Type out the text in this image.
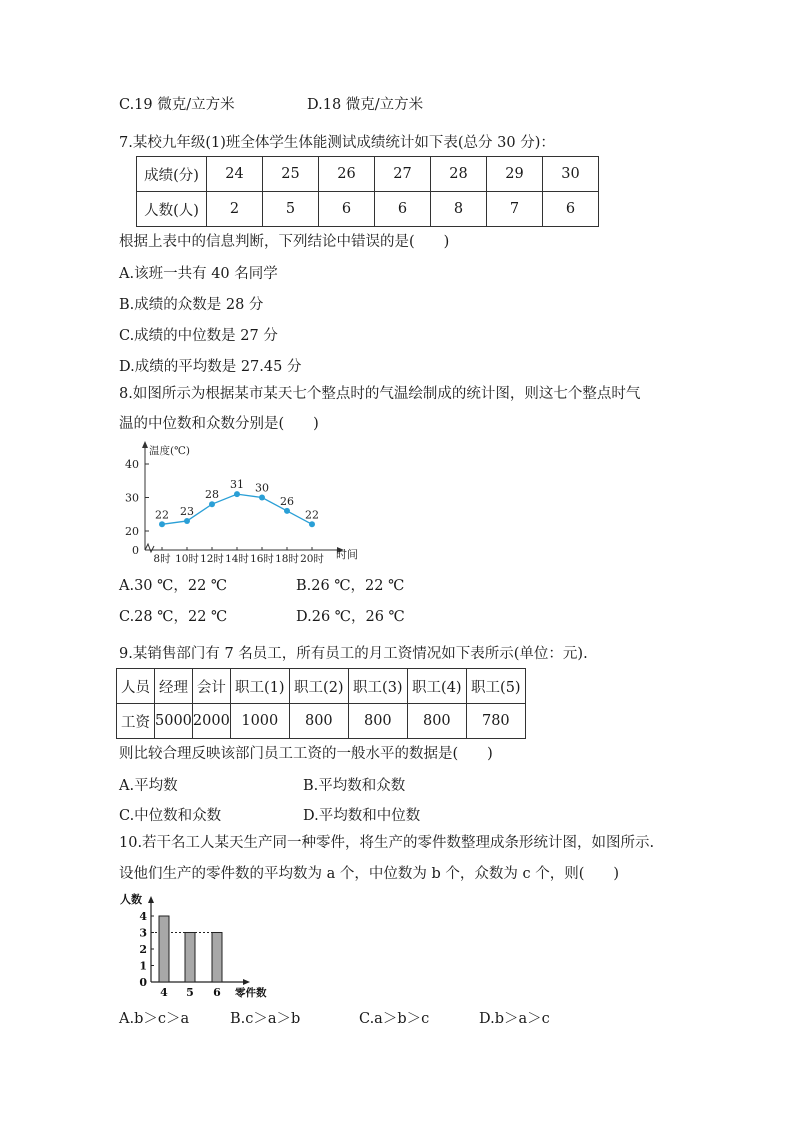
C.19 微克/立方米	D.18 微克/立方米
7.某校九年级(1)班全体学生体能测试成绩统计如下表(总分 30 分)：
成绩(分)	24	25	26	27	28	29	30
人数(人)	2	5	6	6	8	7	6
根据上表中的信息判断，下列结论中错误的是(　　)
A.该班一共有 40 名同学
B.成绩的众数是 28 分
C.成绩的中位数是 27 分
D.成绩的平均数是 27.45 分
8.如图所示为根据某市某天七个整点时的气温绘制成的统计图，则这七个整点时气
温的中位数和众数分别是(　　)
0
20
30
40
温度(℃)
时间
8时 10时 12时 14时 16时 18时 20时
22 23
28
31 30
26
22
A.30 ℃，22 ℃	B.26 ℃，22 ℃
C.28 ℃，22 ℃	D.26 ℃，26 ℃
9.某销售部门有 7 名员工，所有员工的月工资情况如下表所示(单位：元).
人员	经理	会计	职工(1)	职工(2)	职工(3)	职工(4)	职工(5)
工资	5000	2000	1000	800	800	800	780
则比较合理反映该部门员工工资的一般水平的数据是(　　)
A.平均数	B.平均数和众数
C.中位数和众数	D.平均数和中位数
10.若干名工人某天生产同一种零件，将生产的零件数整理成条形统计图，如图所示.
设他们生产的零件数的平均数为 a 个，中位数为 b 个，众数为 c 个，则(　　)
人数
零件数
0
1
2
3
4
4 5 6
A.b＞c＞a	B.c＞a＞b	C.a＞b＞c	D.b＞a＞c
